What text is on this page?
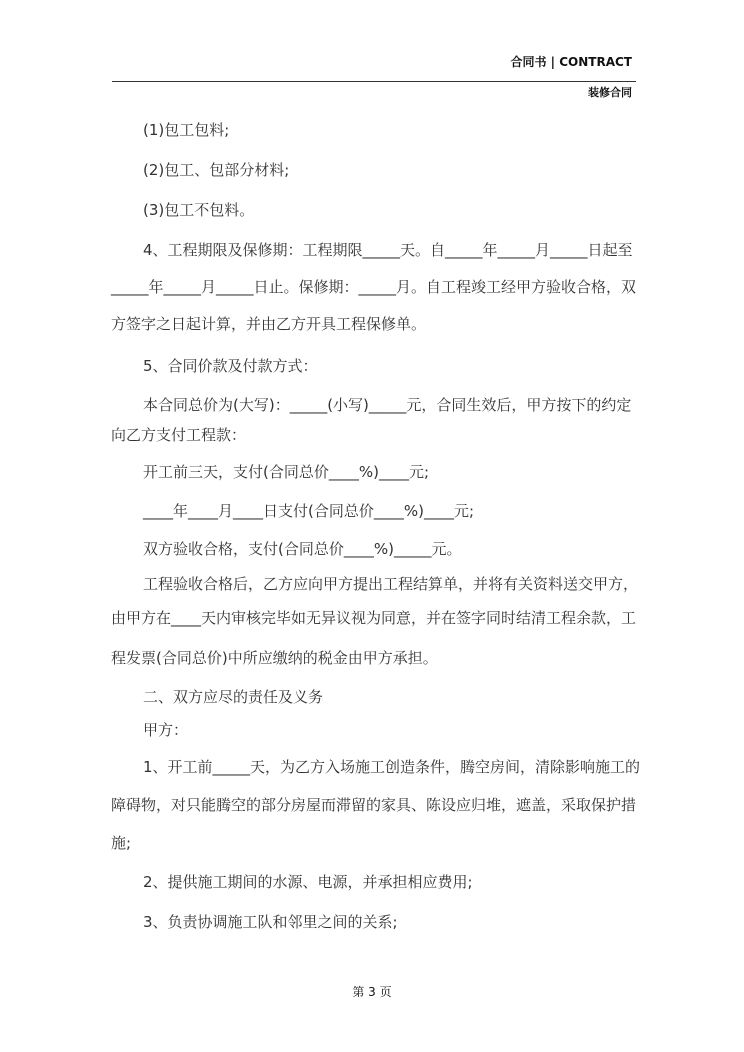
合同书 | CONTRACT
装修合同
(1)包工包料;
(2)包工、包部分材料;
(3)包工不包料。
4、工程期限及保修期：工程期限_____天。自_____年_____月_____日起至
_____年_____月_____日止。保修期：_____月。自工程竣工经甲方验收合格，双
方签字之日起计算，并由乙方开具工程保修单。
5、合同价款及付款方式：
本合同总价为(大写)：_____(小写)_____元，合同生效后，甲方按下的约定
向乙方支付工程款：
开工前三天，支付(合同总价____%)____元;
____年____月____日支付(合同总价____%)____元;
双方验收合格，支付(合同总价____%)_____元。
工程验收合格后，乙方应向甲方提出工程结算单，并将有关资料送交甲方，
由甲方在____天内审核完毕如无异议视为同意，并在签字同时结清工程余款，工
程发票(合同总价)中所应缴纳的税金由甲方承担。
二、双方应尽的责任及义务
甲方：
1、开工前_____天，为乙方入场施工创造条件，腾空房间，清除影响施工的
障碍物，对只能腾空的部分房屋而滞留的家具、陈设应归堆，遮盖，采取保护措
施;
2、提供施工期间的水源、电源，并承担相应费用;
3、负责协调施工队和邻里之间的关系;
第 3 页
